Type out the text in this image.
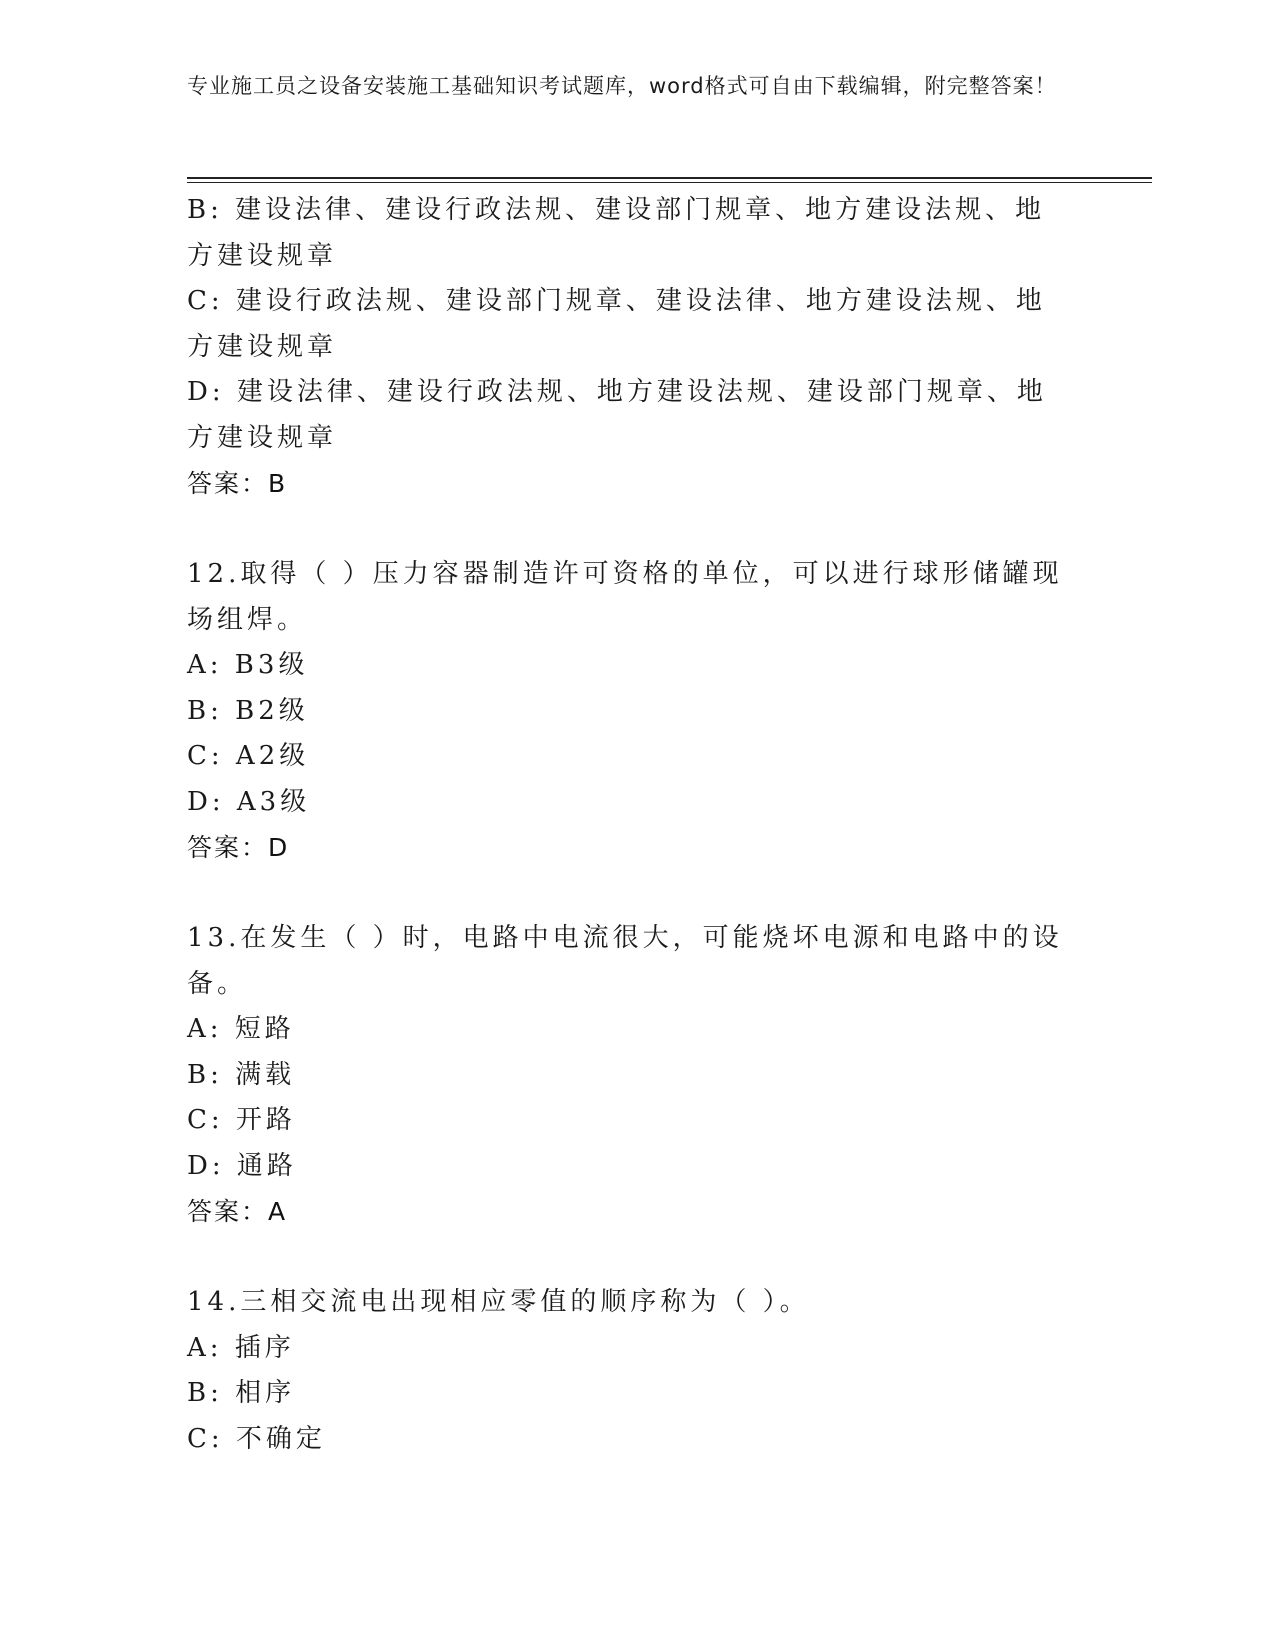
专业施工员之设备安装施工基础知识考试题库，word格式可自由下载编辑，附完整答案！

B: 建设法律、建设行政法规、建设部门规章、地方建设法规、地方建设规章

C: 建设行政法规、建设部门规章、建设法律、地方建设法规、地方建设规章

D: 建设法律、建设行政法规、地方建设法规、建设部门规章、地方建设规章

答案：B

12.取得（ ）压力容器制造许可资格的单位，可以进行球形储罐现场组焊。

A: B3级

B: B2级

C: A2级

D: A3级

答案：D

13.在发生（ ）时，电路中电流很大，可能烧坏电源和电路中的设备。

A: 短路

B: 满载

C: 开路

D: 通路

答案：A

14.三相交流电出现相应零值的顺序称为（ ）。

A: 插序

B: 相序

C: 不确定
